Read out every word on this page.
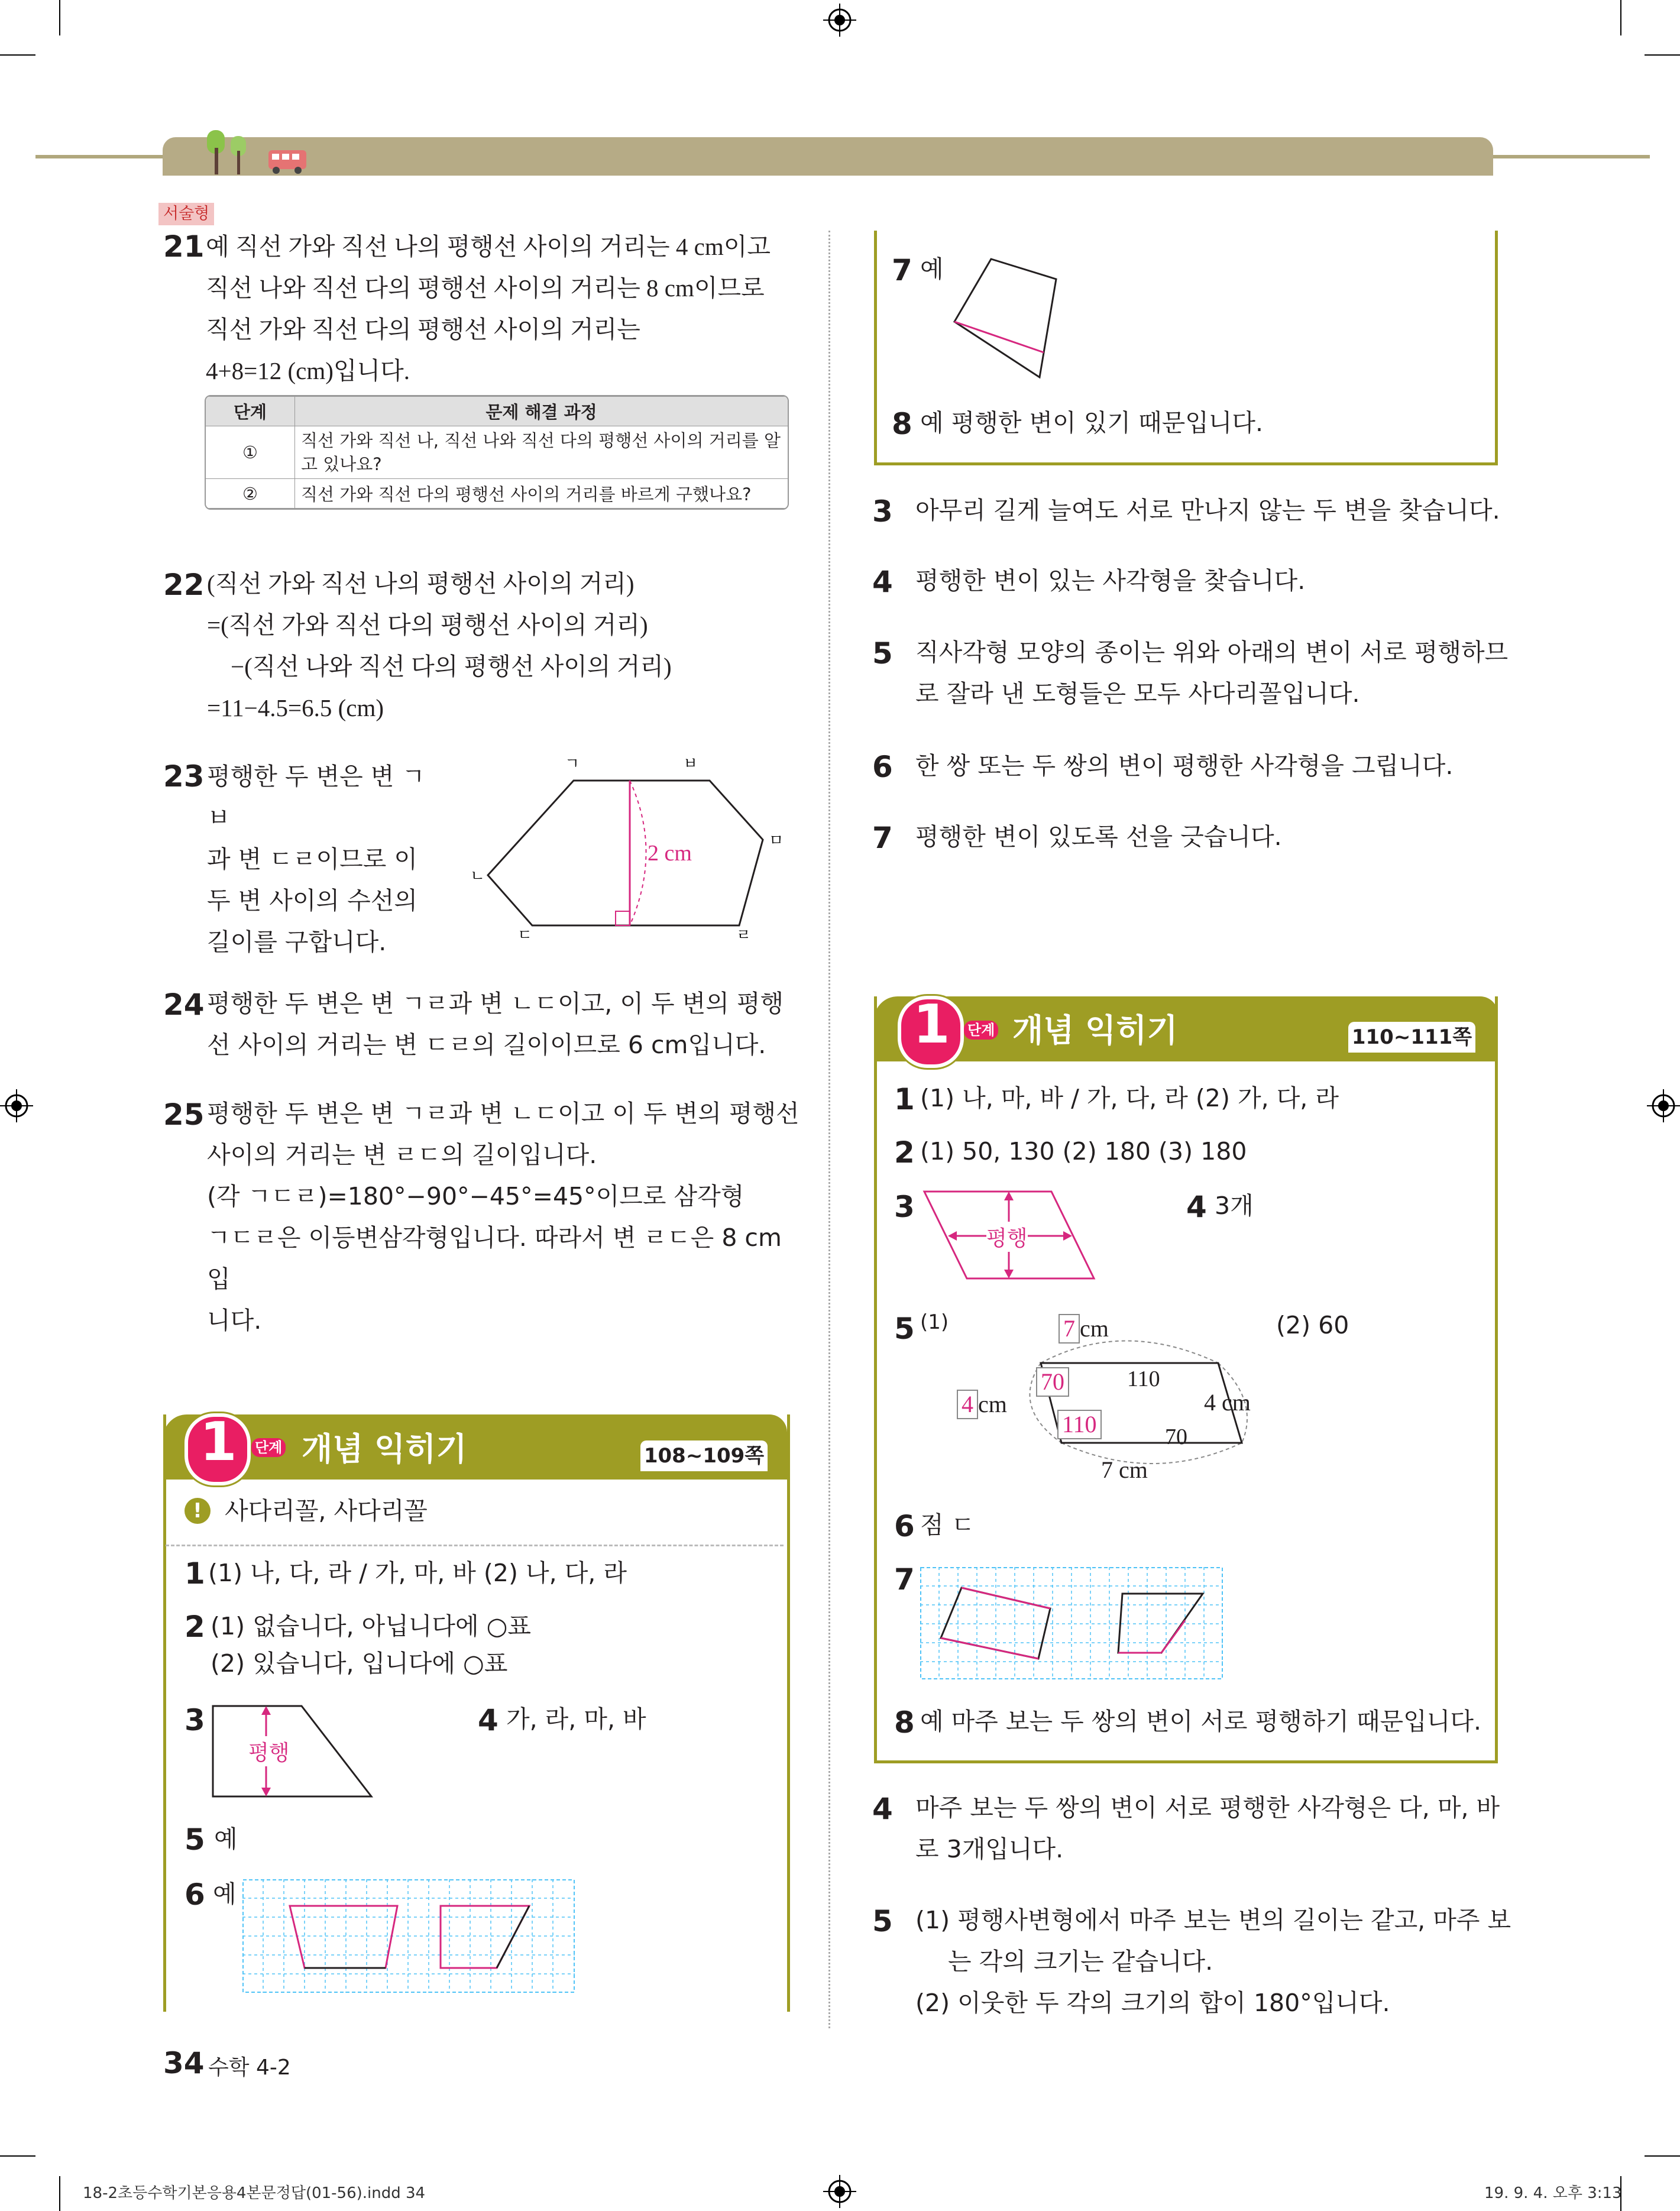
서술형
21 예 직선 가와 직선 나의 평행선 사이의 거리는 4 cm이고
직선 나와 직선 다의 평행선 사이의 거리는 8 cm이므로
직선 가와 직선 다의 평행선 사이의 거리는
4+8=12 (cm)입니다.
단계	문제 해결 과정
①	직선 가와 직선 나, 직선 나와 직선 다의 평행선 사이의 거리를 알고 있나요?
②	직선 가와 직선 다의 평행선 사이의 거리를 바르게 구했나요?
22 (직선 가와 직선 나의 평행선 사이의 거리)
=(직선 가와 직선 다의 평행선 사이의 거리)
−(직선 나와 직선 다의 평행선 사이의 거리)
=11−4.5=6.5 (cm)
23 평행한 두 변은 변 ㄱㅂ
과 변 ㄷㄹ이므로 이
두 변 사이의 수선의
길이를 구합니다.
ㄱ	ㅂ
ㅁ
ㄴ
ㄷ	ㄹ
2 cm
24 평행한 두 변은 변 ㄱㄹ과 변 ㄴㄷ이고, 이 두 변의 평행
선 사이의 거리는 변 ㄷㄹ의 길이이므로 6 cm입니다.
25 평행한 두 변은 변 ㄱㄹ과 변 ㄴㄷ이고 이 두 변의 평행선
사이의 거리는 변 ㄹㄷ의 길이입니다.
(각 ㄱㄷㄹ)=180°−90°−45°=45°이므로 삼각형
ㄱㄷㄹ은 이등변삼각형입니다. 따라서 변 ㄹㄷ은 8 cm입
니다.
1 단계 개념 익히기	108~109쪽
! 사다리꼴, 사다리꼴
1 (1) 나, 다, 라 / 가, 마, 바 (2) 나, 다, 라
2 (1) 없습니다, 아닙니다에 ○표
(2) 있습니다, 입니다에 ○표
3
평행
4 가, 라, 마, 바
5 예
6 예
7 예
8 예 평행한 변이 있기 때문입니다.
3 아무리 길게 늘여도 서로 만나지 않는 두 변을 찾습니다.
4 평행한 변이 있는 사각형을 찾습니다.
5 직사각형 모양의 종이는 위와 아래의 변이 서로 평행하므
로 잘라 낸 도형들은 모두 사다리꼴입니다.
6 한 쌍 또는 두 쌍의 변이 평행한 사각형을 그립니다.
7 평행한 변이 있도록 선을 긋습니다.
1 단계 개념 익히기	110~111쪽
1 (1) 나, 마, 바 / 가, 다, 라 (2) 가, 다, 라
2 (1) 50, 130 (2) 180 (3) 180
3
평행
4 3개
5 (1)	(2) 60
7 cm
4 cm	4 cm
7 cm
70	110
110	70
6 점 ㄷ
7
8 예 마주 보는 두 쌍의 변이 서로 평행하기 때문입니다.
4 마주 보는 두 쌍의 변이 서로 평행한 사각형은 다, 마, 바
로 3개입니다.
5 (1) 평행사변형에서 마주 보는 변의 길이는 같고, 마주 보
는 각의 크기는 같습니다.
(2) 이웃한 두 각의 크기의 합이 180°입니다.
34 수학 4-2
18-2초등수학기본응용4본문정답(01-56).indd 34	19. 9. 4. 오후 3:13
